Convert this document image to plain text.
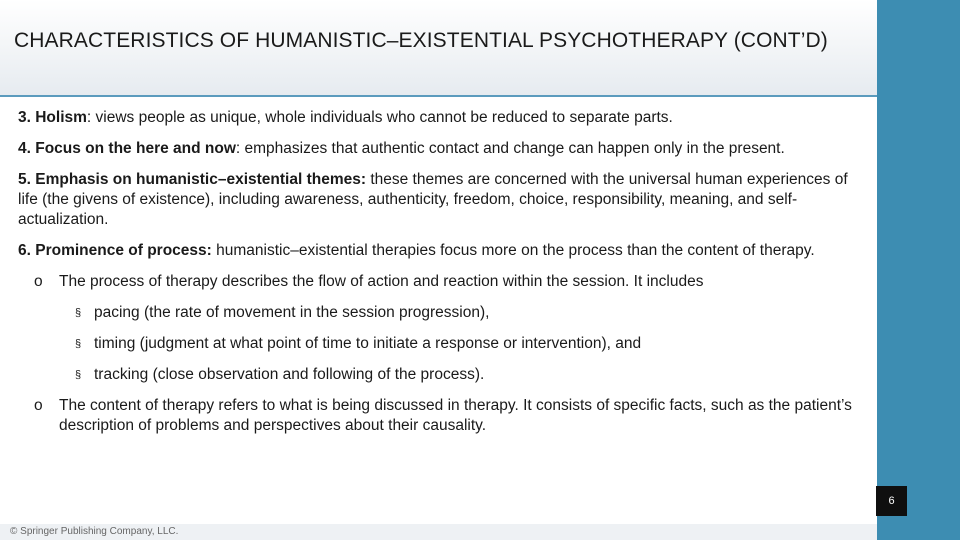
CHARACTERISTICS OF HUMANISTIC–EXISTENTIAL PSYCHOTHERAPY (CONT’D)

3. Holism: views people as unique, whole individuals who cannot be reduced to separate parts.

4. Focus on the here and now: emphasizes that authentic contact and change can happen only in the present.

5. Emphasis on humanistic–existential themes: these themes are concerned with the universal human experiences of life (the givens of existence), including awareness, authenticity, freedom, choice, responsibility, meaning, and self-actualization.

6. Prominence of process: humanistic–existential therapies focus more on the process than the content of therapy.

o The process of therapy describes the flow of action and reaction within the session. It includes
§ pacing (the rate of movement in the session progression),
§ timing (judgment at what point of time to initiate a response or intervention), and
§ tracking (close observation and following of the process).
o The content of therapy refers to what is being discussed in therapy. It consists of specific facts, such as the patient’s description of problems and perspectives about their causality.
6
© Springer Publishing Company, LLC.
